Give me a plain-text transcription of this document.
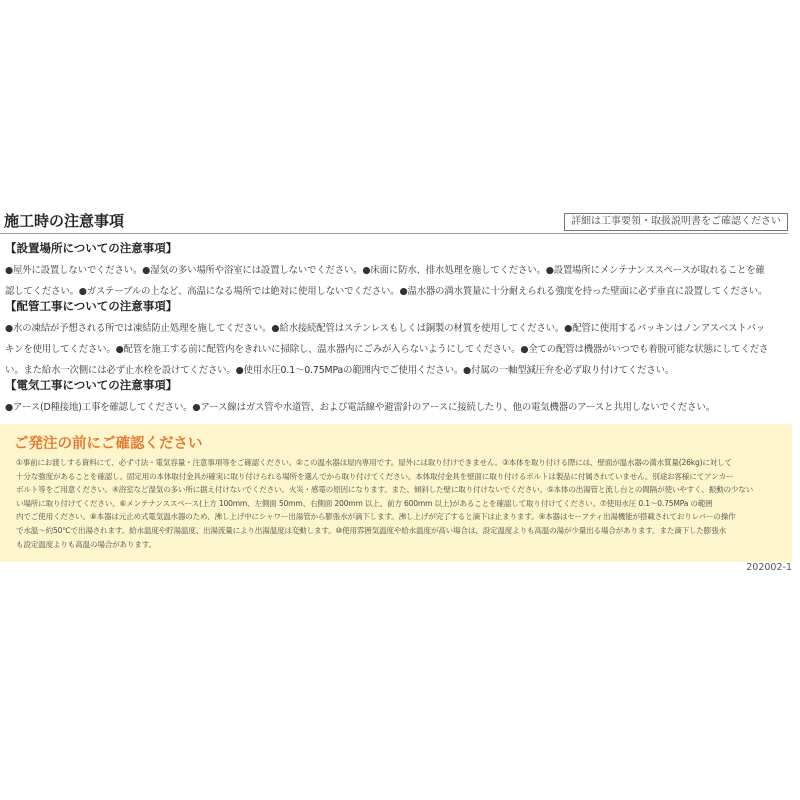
施工時の注意事項	詳細は工事要領・取扱説明書をご確認ください
【設置場所についての注意事項】
●屋外に設置しないでください。●湿気の多い場所や浴室には設置しないでください。●床面に防水、排水処理を施してください。●設置場所にメンテナンススペースが取れることを確
認してください。●ガステーブルの上など、高温になる場所では絶対に使用しないでください。●温水器の満水質量に十分耐えられる強度を持った壁面に必ず垂直に設置してください。
【配管工事についての注意事項】
●水の凍結が予想される所では凍結防止処理を施してください。●給水接続配管はステンレスもしくは銅製の材質を使用してください。●配管に使用するパッキンはノンアスベストパッ
キンを使用してください。●配管を施工する前に配管内をきれいに掃除し、温水器内にごみが入らないようにしてください。●全ての配管は機器がいつでも着脱可能な状態にしてくださ
い。また給水一次側には必ず止水栓を設けてください。●使用水圧0.1～0.75MPaの範囲内でご使用ください。●付属の一軸型減圧弁を必ず取り付けてください。
【電気工事についての注意事項】
●アース(D種接地)工事を確認してください。●アース線はガス管や水道管、および電話線や避雷針のアースに接続したり、他の電気機器のアースと共用しないでください。
ご発注の前にご確認ください
①事前にお渡しする資料にて、必ず寸法・電気容量・注意事項等をご確認ください。②この温水器は屋内専用です。屋外には取り付けできません。③本体を取り付ける際には、壁面が温水器の満水質量(26kg)に対して
十分な強度があることを確認し、固定用の本体取付金具が確実に取り付けられる場所を選んでから取り付けてください。本体取付金具を壁面に取り付けるボルトは製品に付属されていません。別途お客様にてアンカー
ボルト等をご用意ください。④浴室など湿気の多い所に据え付けないでください。火災・感電の原因になります。また、傾斜した壁に取り付けないでください。⑤本体の出湯管と流し台との間隔が使いやすく、振動の少ない
い場所に取り付けてください。⑥メンテナンススペース(上方 100mm、左側面 50mm、右側面 200mm 以上、前方 600mm 以上)があることを確認して取り付けてください。⑦使用水圧 0.1～0.75MPa の範囲
内でご使用ください。⑧本器は元止め式電気温水器のため、沸し上げ中にシャワー出湯管から膨張水が滴下します。沸し上げが完了すると滴下は止まります。⑨本器はセーフティ出湯機能が搭載されておりレバーの操作
で水温～約50℃で出湯されます。給水温度や貯湯温度、出湯流量により出湯温度は変動します。⑩使用雰囲気温度や給水温度が高い場合は、設定温度よりも高温の湯が少量出る場合があります。また滴下した膨張水
も設定温度よりも高温の場合があります。
202002-1
